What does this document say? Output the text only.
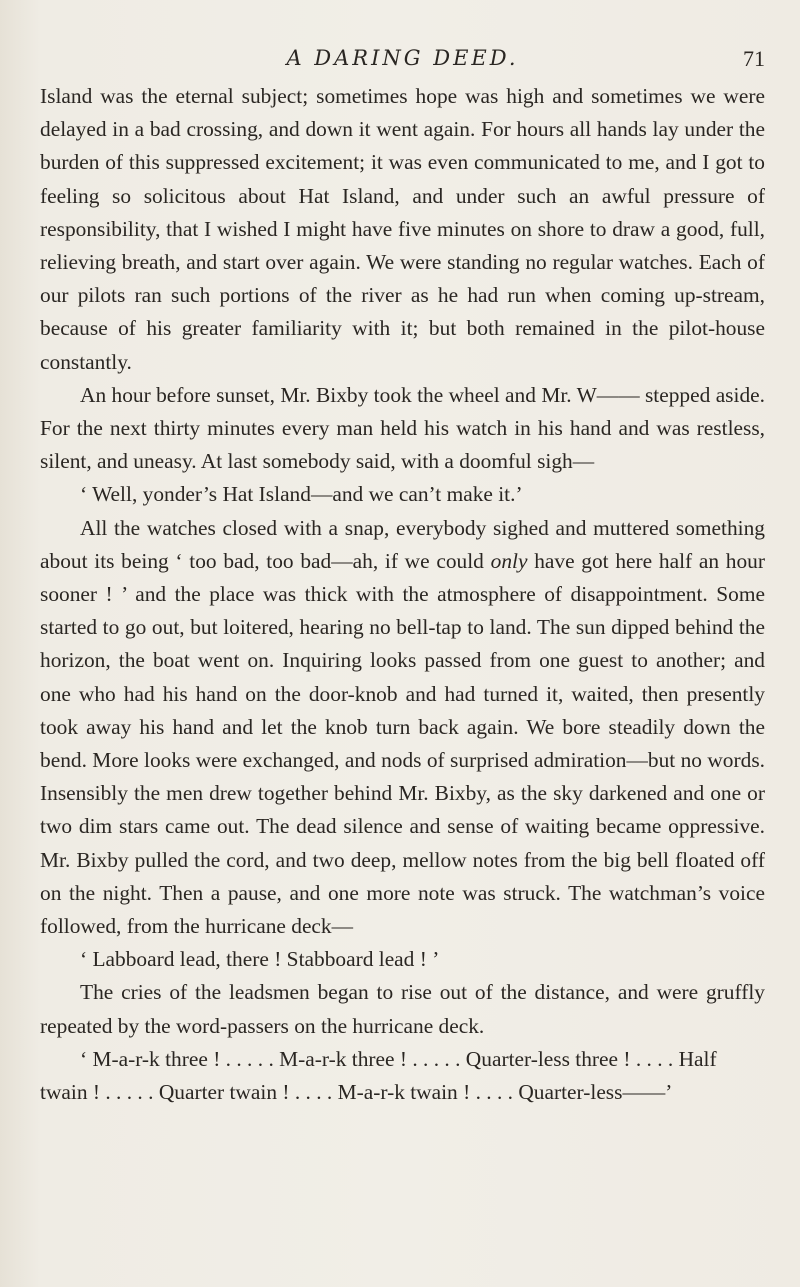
A DARING DEED.	71

Island was the eternal subject; sometimes hope was high and sometimes we were delayed in a bad crossing, and down it went again. For hours all hands lay under the burden of this suppressed excitement; it was even communicated to me, and I got to feeling so solicitous about Hat Island, and under such an awful pressure of responsibility, that I wished I might have five minutes on shore to draw a good, full, relieving breath, and start over again. We were standing no regular watches. Each of our pilots ran such portions of the river as he had run when coming up-stream, because of his greater familiarity with it; but both remained in the pilot-house constantly.

An hour before sunset, Mr. Bixby took the wheel and Mr. W—— stepped aside. For the next thirty minutes every man held his watch in his hand and was restless, silent, and uneasy. At last somebody said, with a doomful sigh—

‘ Well, yonder’s Hat Island—and we can’t make it.’

All the watches closed with a snap, everybody sighed and muttered something about its being ‘ too bad, too bad—ah, if we could only have got here half an hour sooner ! ’ and the place was thick with the atmosphere of disappointment. Some started to go out, but loitered, hearing no bell-tap to land. The sun dipped behind the horizon, the boat went on. Inquiring looks passed from one guest to another; and one who had his hand on the door-knob and had turned it, waited, then presently took away his hand and let the knob turn back again. We bore steadily down the bend. More looks were exchanged, and nods of surprised admiration—but no words. Insensibly the men drew together behind Mr. Bixby, as the sky darkened and one or two dim stars came out. The dead silence and sense of waiting became oppressive. Mr. Bixby pulled the cord, and two deep, mellow notes from the big bell floated off on the night. Then a pause, and one more note was struck. The watchman’s voice followed, from the hurricane deck—

‘ Labboard lead, there ! Stabboard lead ! ’

The cries of the leadsmen began to rise out of the distance, and were gruffly repeated by the word-passers on the hurricane deck.

‘ M-a-r-k three ! . . . . . M-a-r-k three ! . . . . . Quarter-less three ! . . . . Half twain ! . . . . . Quarter twain ! . . . . M-a-r-k twain ! . . . . Quarter-less——’
